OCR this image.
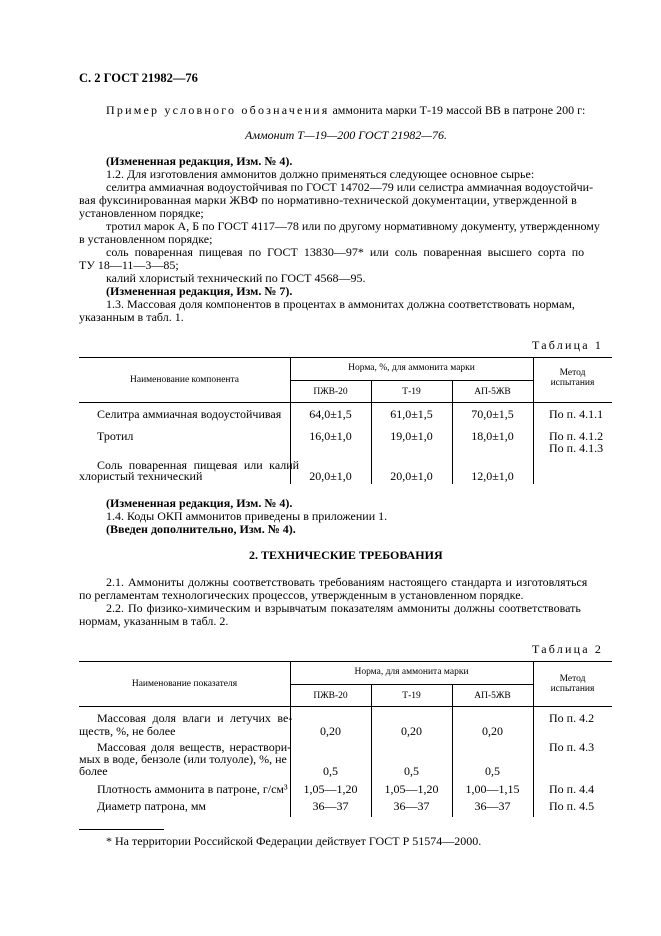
С. 2 ГОСТ 21982—76
Пример условного обозначения аммонита марки Т-19 массой ВВ в патроне 200 г:
Аммонит Т—19—200 ГОСТ 21982—76.
(Измененная редакция, Изм. № 4).
1.2. Для изготовления аммонитов должно применяться следующее основное сырье:
селитра аммиачная водоустойчивая по ГОСТ 14702—79 или селистра аммиачная водоустойчи-
вая фуксинированная марки ЖВФ по нормативно-технической документации, утвержденной в
установленном порядке;
тротил марок А, Б по ГОСТ 4117—78 или по другому нормативному документу, утвержденному
в установленном порядке;
соль поваренная пищевая по ГОСТ 13830—97* или соль поваренная высшего сорта по
ТУ 18—11—3—85;
калий хлористый технический по ГОСТ 4568—95.
(Измененная редакция, Изм. № 7).
1.3. Массовая доля компонентов в процентах в аммонитах должна соответствовать нормам,
указанным в табл. 1.
Таблица 1
Наименование компонента
Норма, %, для аммонита марки	Метод
испытания
ПЖВ-20	Т-19	АП-5ЖВ
Селитра аммиачная водоустойчивая	64,0±1,5	61,0±1,5	70,0±1,5	По п. 4.1.1
Тротил	16,0±1,0	19,0±1,0	18,0±1,0	По п. 4.1.2
По п. 4.1.3
Соль поваренная пищевая или калий
хлористый технический	20,0±1,0	20,0±1,0	12,0±1,0
(Измененная редакция, Изм. № 4).
1.4. Коды ОКП аммонитов приведены в приложении 1.
(Введен дополнительно, Изм. № 4).
2. ТЕХНИЧЕСКИЕ ТРЕБОВАНИЯ
2.1. Аммониты должны соответствовать требованиям настоящего стандарта и изготовляться
по регламентам технологических процессов, утвержденным в установленном порядке.
2.2. По физико-химическим и взрывчатым показателям аммониты должны соответствовать
нормам, указанным в табл. 2.
Таблица 2
Наименование показателя
Норма, для аммонита марки
Метод
испытания
ПЖВ-20	Т-19	АП-5ЖВ
Массовая доля влаги и летучих ве-
ществ, %, не более	0,20	0,20	0,20
По п. 4.2
Массовая доля веществ, нераствори-
мых в воде, бензоле (или толуоле), %, не
более	0,5	0,5	0,5
По п. 4.3
Плотность аммонита в патроне, г/см³	1,05—1,20	1,05—1,20	1,00—1,15	По п. 4.4
Диаметр патрона, мм	36—37	36—37	36—37	По п. 4.5
* На территории Российской Федерации действует ГОСТ Р 51574—2000.
